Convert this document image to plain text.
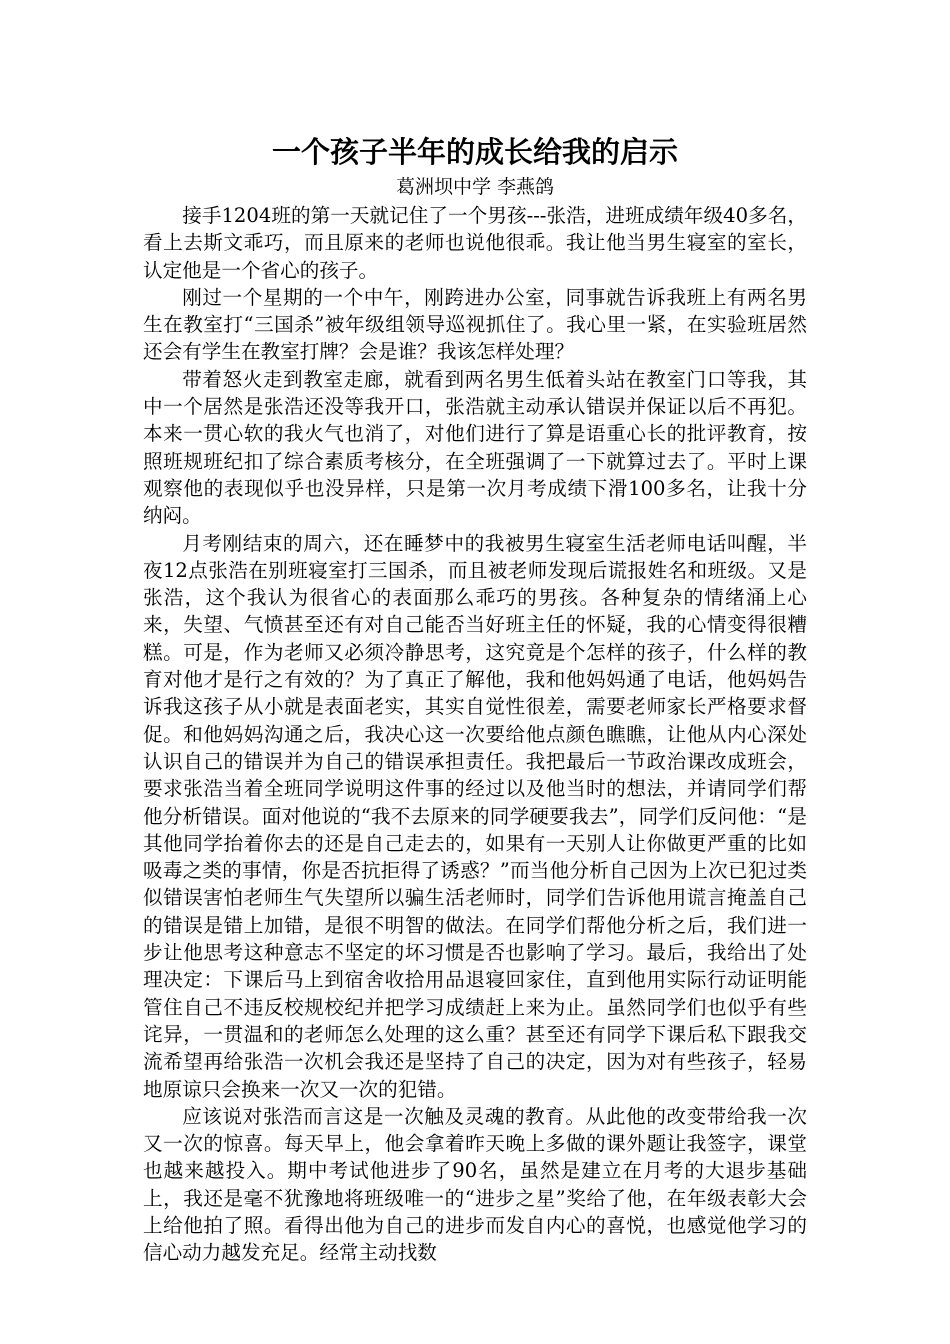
一个孩子半年的成长给我的启示
葛洲坝中学 李燕鸽

接手1204班的第一天就记住了一个男孩---张浩，进班成绩年级40多名，看上去斯文乖巧，而且原来的老师也说他很乖。我让他当男生寝室的室长，认定他是一个省心的孩子。

刚过一个星期的一个中午，刚跨进办公室，同事就告诉我班上有两名男生在教室打“三国杀”被年级组领导巡视抓住了。我心里一紧，在实验班居然还会有学生在教室打牌？会是谁？我该怎样处理？

带着怒火走到教室走廊，就看到两名男生低着头站在教室门口等我，其中一个居然是张浩还没等我开口，张浩就主动承认错误并保证以后不再犯。本来一贯心软的我火气也消了，对他们进行了算是语重心长的批评教育，按照班规班纪扣了综合素质考核分，在全班强调了一下就算过去了。平时上课观察他的表现似乎也没异样，只是第一次月考成绩下滑100多名，让我十分纳闷。

月考刚结束的周六，还在睡梦中的我被男生寝室生活老师电话叫醒，半夜12点张浩在别班寝室打三国杀，而且被老师发现后谎报姓名和班级。又是张浩，这个我认为很省心的表面那么乖巧的男孩。各种复杂的情绪涌上心来，失望、气愤甚至还有对自己能否当好班主任的怀疑，我的心情变得很糟糕。可是，作为老师又必须冷静思考，这究竟是个怎样的孩子，什么样的教育对他才是行之有效的？为了真正了解他，我和他妈妈通了电话，他妈妈告诉我这孩子从小就是表面老实，其实自觉性很差，需要老师家长严格要求督促。和他妈妈沟通之后，我决心这一次要给他点颜色瞧瞧，让他从内心深处认识自己的错误并为自己的错误承担责任。我把最后一节政治课改成班会，要求张浩当着全班同学说明这件事的经过以及他当时的想法，并请同学们帮他分析错误。面对他说的“我不去原来的同学硬要我去”，同学们反问他：“是其他同学抬着你去的还是自己走去的，如果有一天别人让你做更严重的比如吸毒之类的事情，你是否抗拒得了诱惑？”而当他分析自己因为上次已犯过类似错误害怕老师生气失望所以骗生活老师时，同学们告诉他用谎言掩盖自己的错误是错上加错，是很不明智的做法。在同学们帮他分析之后，我们进一步让他思考这种意志不坚定的坏习惯是否也影响了学习。最后，我给出了处理决定：下课后马上到宿舍收拾用品退寝回家住，直到他用实际行动证明能管住自己不违反校规校纪并把学习成绩赶上来为止。虽然同学们也似乎有些诧异，一贯温和的老师怎么处理的这么重？甚至还有同学下课后私下跟我交流希望再给张浩一次机会我还是坚持了自己的决定，因为对有些孩子，轻易地原谅只会换来一次又一次的犯错。

应该说对张浩而言这是一次触及灵魂的教育。从此他的改变带给我一次又一次的惊喜。每天早上，他会拿着昨天晚上多做的课外题让我签字，课堂也越来越投入。期中考试他进步了90名，虽然是建立在月考的大退步基础上，我还是毫不犹豫地将班级唯一的“进步之星”奖给了他，在年级表彰大会上给他拍了照。看得出他为自己的进步而发自内心的喜悦，也感觉他学习的信心动力越发充足。经常主动找数
